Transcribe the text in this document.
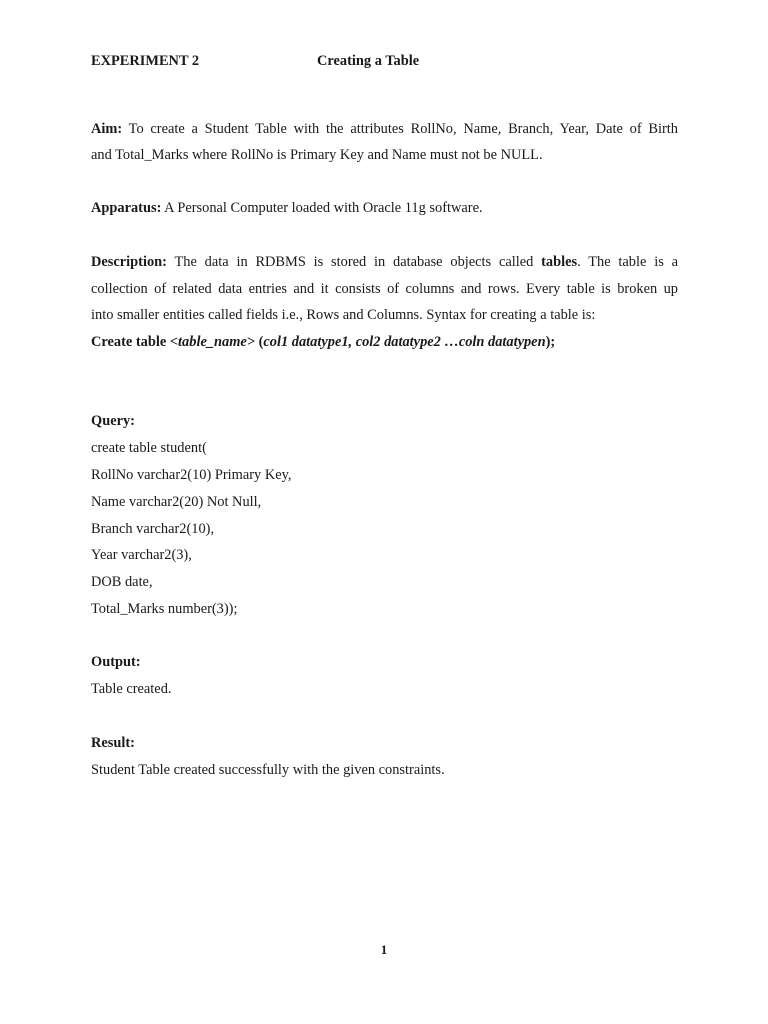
EXPERIMENT 2	Creating a Table
Aim: To create a Student Table with the attributes RollNo, Name, Branch, Year, Date of Birth
and Total_Marks where RollNo is Primary Key and Name must not be NULL.
Apparatus: A Personal Computer loaded with Oracle 11g software.
Description: The data in RDBMS is stored in database objects called tables. The table is a
collection of related data entries and it consists of columns and rows. Every table is broken up
into smaller entities called fields i.e., Rows and Columns. Syntax for creating a table is:
Create table <table_name> (col1 datatype1, col2 datatype2 …coln datatypen);
Query:
create table student(
RollNo varchar2(10) Primary Key,
Name varchar2(20) Not Null,
Branch varchar2(10),
Year varchar2(3),
DOB date,
Total_Marks number(3));
Output:
Table created.
Result:
Student Table created successfully with the given constraints.
1
